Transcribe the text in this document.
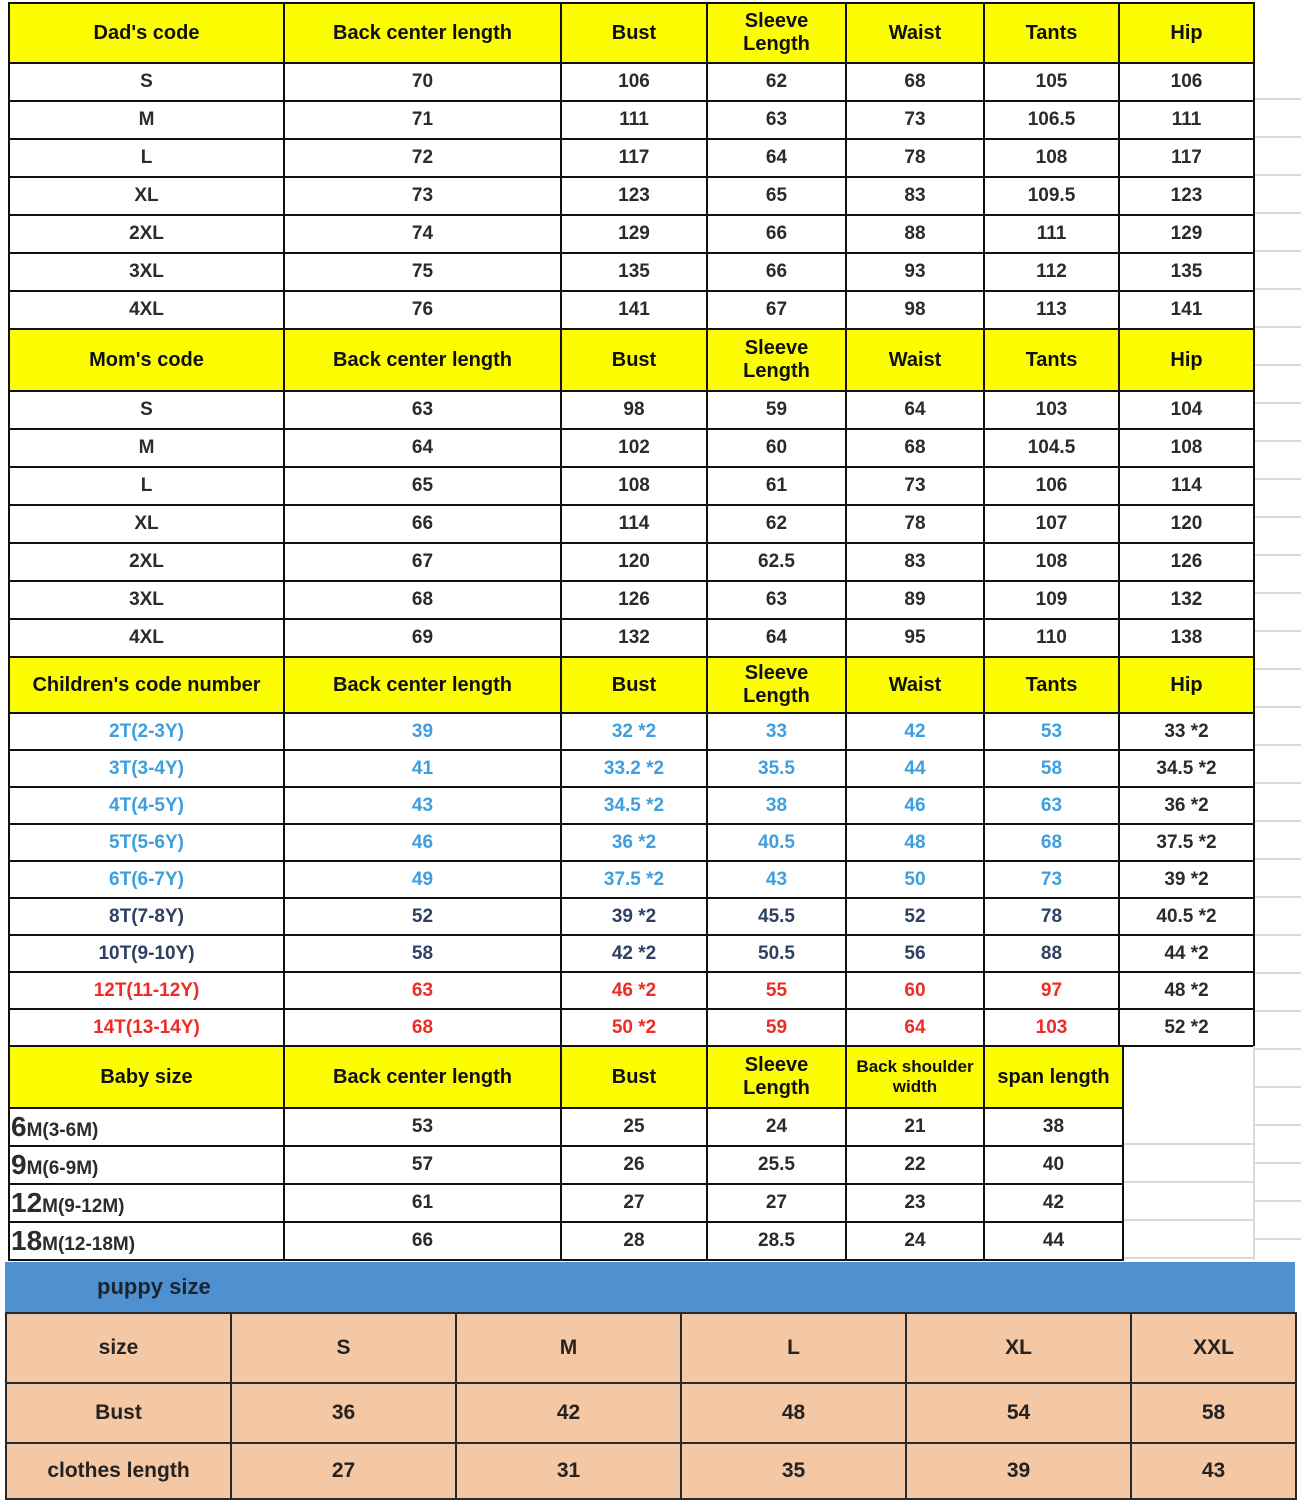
Dad's code	Back center length	Bust	Sleeve Length	Waist	Tants	Hip
S	70	106	62	68	105	106
M	71	111	63	73	106.5	111
L	72	117	64	78	108	117
XL	73	123	65	83	109.5	123
2XL	74	129	66	88	111	129
3XL	75	135	66	93	112	135
4XL	76	141	67	98	113	141
Mom's code	Back center length	Bust	Sleeve Length	Waist	Tants	Hip
S	63	98	59	64	103	104
M	64	102	60	68	104.5	108
L	65	108	61	73	106	114
XL	66	114	62	78	107	120
2XL	67	120	62.5	83	108	126
3XL	68	126	63	89	109	132
4XL	69	132	64	95	110	138
Children's code number	Back center length	Bust	Sleeve Length	Waist	Tants	Hip
2T(2-3Y)	39	32 *2	33	42	53	33 *2
3T(3-4Y)	41	33.2 *2	35.5	44	58	34.5 *2
4T(4-5Y)	43	34.5 *2	38	46	63	36 *2
5T(5-6Y)	46	36 *2	40.5	48	68	37.5 *2
6T(6-7Y)	49	37.5 *2	43	50	73	39 *2
8T(7-8Y)	52	39 *2	45.5	52	78	40.5 *2
10T(9-10Y)	58	42 *2	50.5	56	88	44 *2
12T(11-12Y)	63	46 *2	55	60	97	48 *2
14T(13-14Y)	68	50 *2	59	64	103	52 *2
Baby size	Back center length	Bust	Sleeve Length	Back shoulder width	span length
6M(3-6M)	53	25	24	21	38
9M(6-9M)	57	26	25.5	22	40
12M(9-12M)	61	27	27	23	42
18M(12-18M)	66	28	28.5	24	44
puppy size
size	S	M	L	XL	XXL
Bust	36	42	48	54	58
clothes length	27	31	35	39	43
